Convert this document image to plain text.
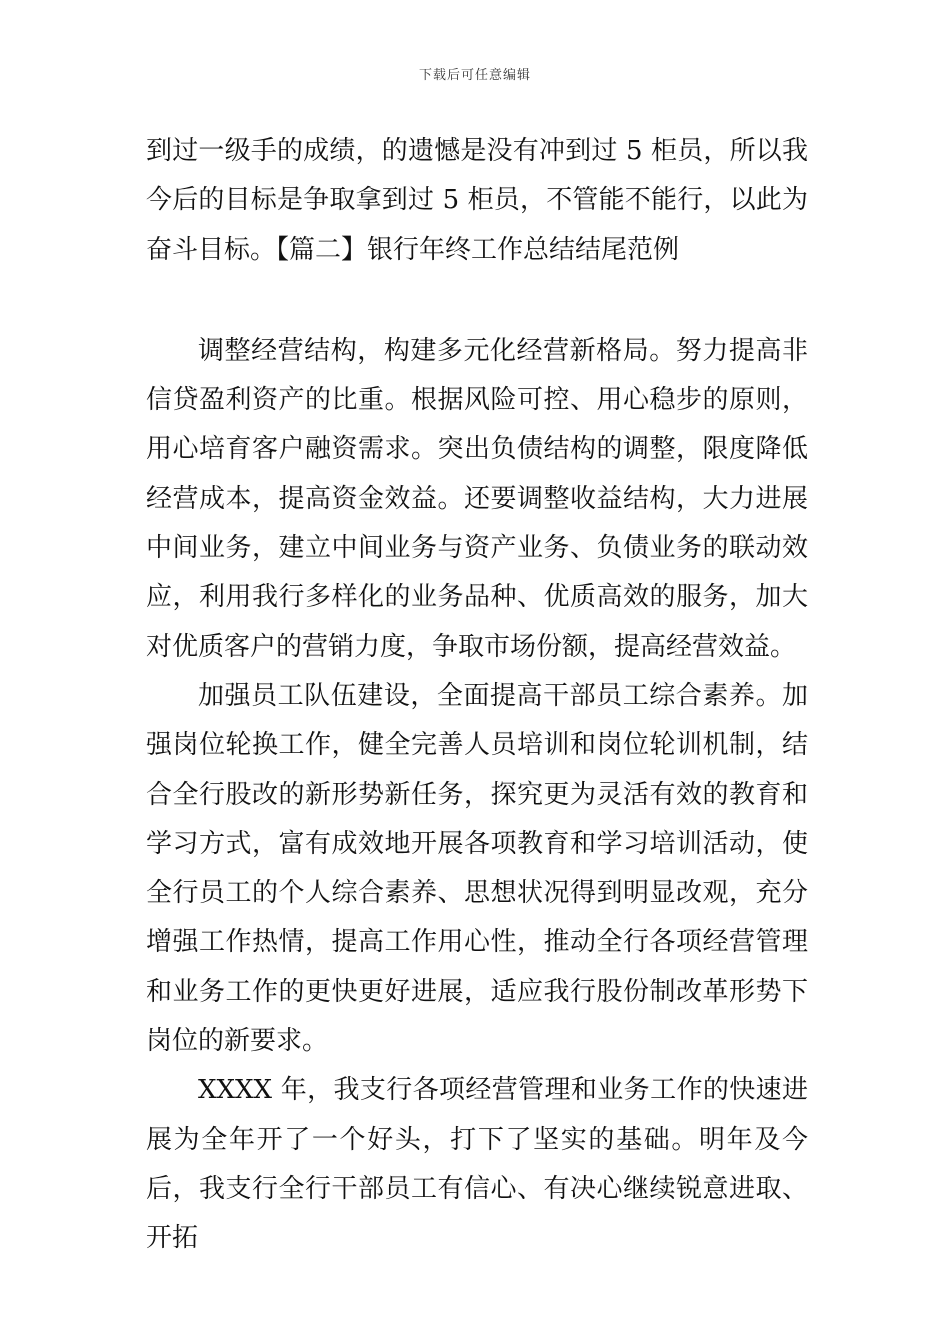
下载后可任意编辑

到过一级手的成绩，的遗憾是没有冲到过 5 柜员，所以我今后的目标是争取拿到过 5 柜员，不管能不能行，以此为奋斗目标。【篇二】银行年终工作总结结尾范例

调整经营结构，构建多元化经营新格局。努力提高非信贷盈利资产的比重。根据风险可控、用心稳步的原则，用心培育客户融资需求。突出负债结构的调整，限度降低经营成本，提高资金效益。还要调整收益结构，大力进展中间业务，建立中间业务与资产业务、负债业务的联动效应，利用我行多样化的业务品种、优质高效的服务，加大对优质客户的营销力度，争取市场份额，提高经营效益。

加强员工队伍建设，全面提高干部员工综合素养。加强岗位轮换工作，健全完善人员培训和岗位轮训机制，结合全行股改的新形势新任务，探究更为灵活有效的教育和学习方式，富有成效地开展各项教育和学习培训活动，使全行员工的个人综合素养、思想状况得到明显改观，充分增强工作热情，提高工作用心性，推动全行各项经营管理和业务工作的更快更好进展，适应我行股份制改革形势下岗位的新要求。

XXXX 年，我支行各项经营管理和业务工作的快速进展为全年开了一个好头，打下了坚实的基础。明年及今后，我支行全行干部员工有信心、有决心继续锐意进取、开拓
